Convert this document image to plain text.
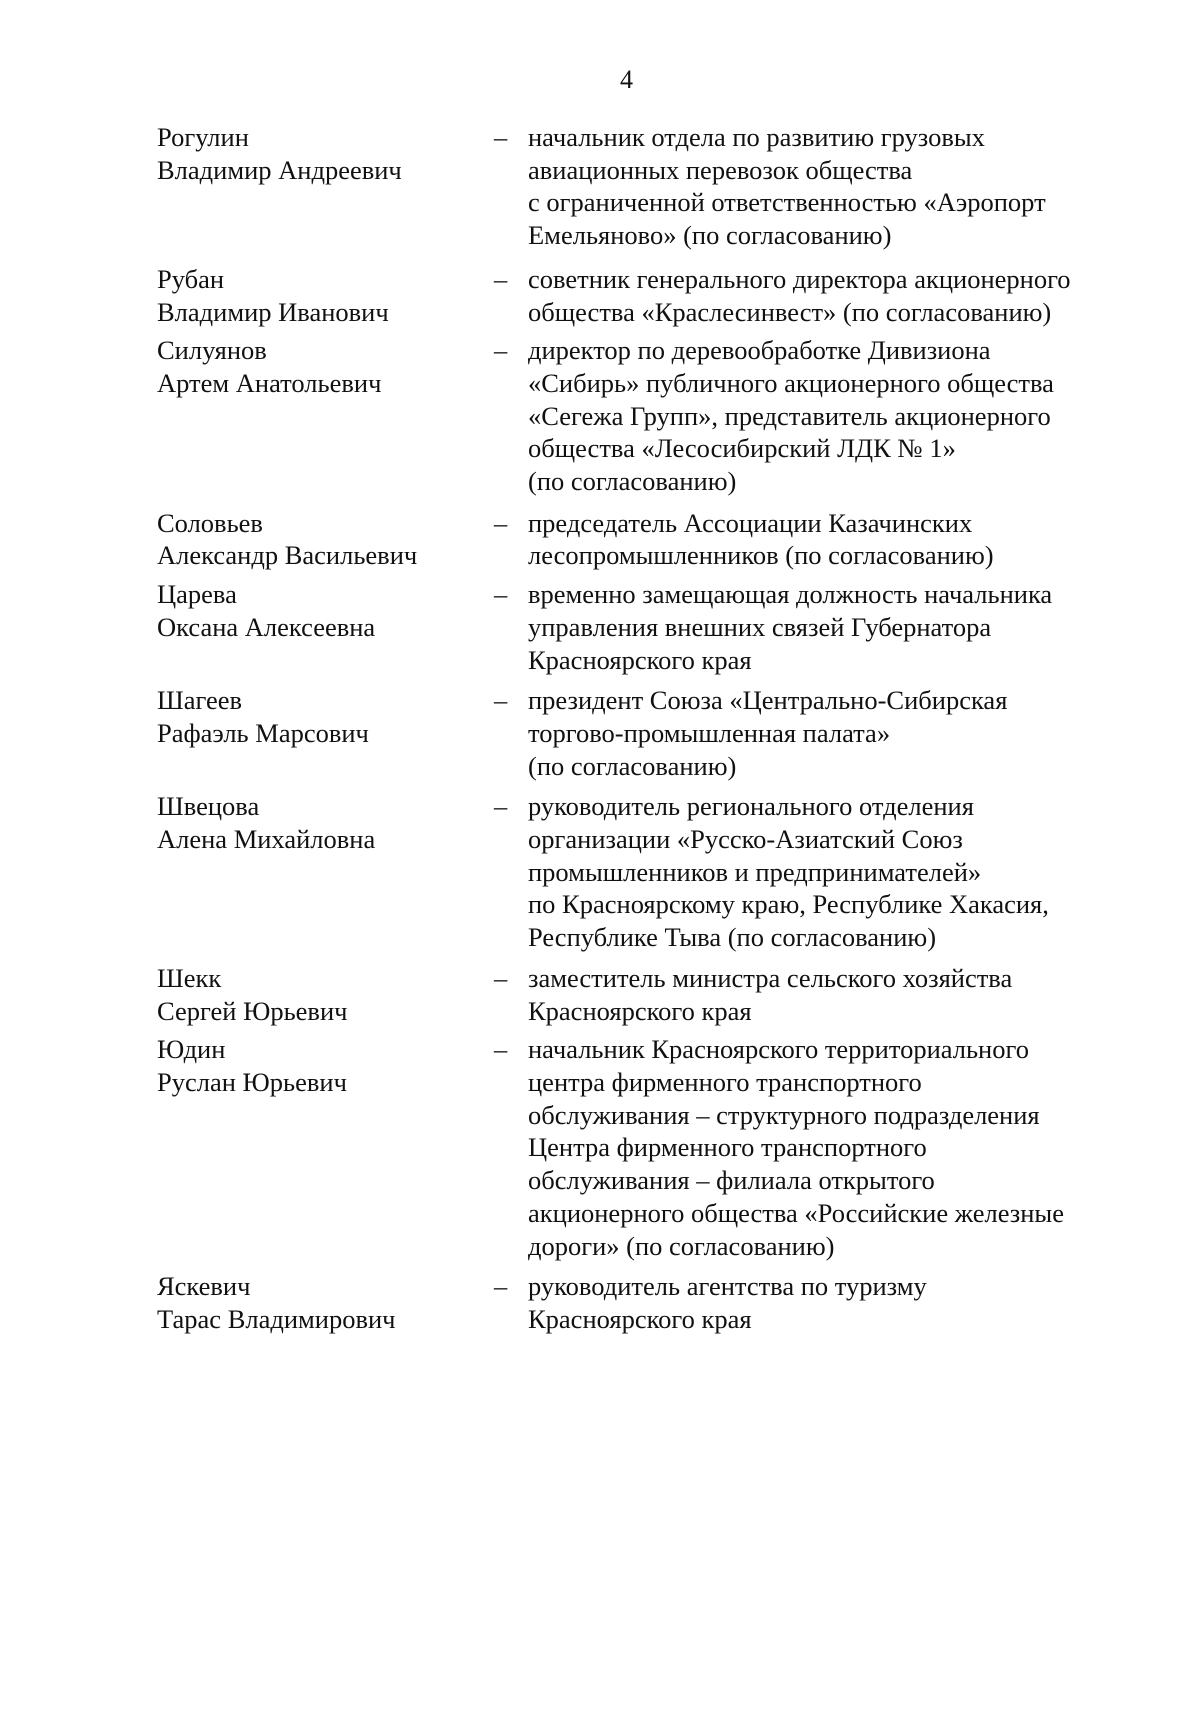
4
Рогулин
Владимир Андреевич
– начальник отдела по развитию грузовых
авиационных перевозок общества
с ограниченной ответственностью «Аэропорт
Емельяново» (по согласованию)
Рубан
Владимир Иванович
– советник генерального директора акционерного
общества «Краслесинвест» (по согласованию)
Силуянов
Артем Анатольевич
– директор по деревообработке Дивизиона
«Сибирь» публичного акционерного общества
«Сегежа Групп», представитель акционерного
общества «Лесосибирский ЛДК № 1»
(по согласованию)
Соловьев
Александр Васильевич
– председатель Ассоциации Казачинских
лесопромышленников (по согласованию)
Царева
Оксана Алексеевна
– временно замещающая должность начальника
управления внешних связей Губернатора
Красноярского края
Шагеев
Рафаэль Марсович
– президент Союза «Центрально-Сибирская
торгово-промышленная палата»
(по согласованию)
Швецова
Алена Михайловна
– руководитель регионального отделения
организации «Русско-Азиатский Союз
промышленников и предпринимателей»
по Красноярскому краю, Республике Хакасия,
Республике Тыва (по согласованию)
Шекк
Сергей Юрьевич
– заместитель министра сельского хозяйства
Красноярского края
Юдин
Руслан Юрьевич
– начальник Красноярского территориального
центра фирменного транспортного
обслуживания – структурного подразделения
Центра фирменного транспортного
обслуживания – филиала открытого
акционерного общества «Российские железные
дороги» (по согласованию)
Яскевич
Тарас Владимирович
– руководитель агентства по туризму
Красноярского края
